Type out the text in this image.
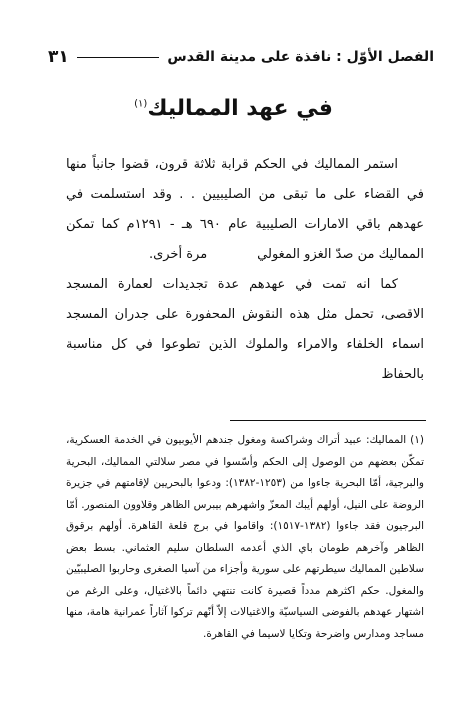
الفصل الأوّل : نافذة على مدينة القدس
٣١
في عهد المماليك$^{(١)}$

استمر المماليك في الحكم قرابة ثلاثة قرون، قضوا جانباً منها في القضاء على ما تبقى من الصليبيين . . وقد استسلمت في عهدهم باقي الامارات الصليبية عام ٦٩٠ هـ - ١٢٩١م كما تمكن المماليك من صدّ الغزو المغوليمرة أخرى.

كما انه تمت في عهدهم عدة تجديدات لعمارة المسجد الاقصى، تحمل مثل هذه النقوش المحفورة على جدران المسجد اسماء الخلفاء والامراء والملوك الذين تطوعوا في كل مناسبة بالحفاظ

(١) المماليك: عبيد أتراك وشراكسة ومغول جندهم الأيوبيون في الخدمة العسكرية، تمكّن بعضهم من الوصول إلى الحكم وأسّسوا في مصر سلالتي المماليك، البحرية والبرجية، أمّا البحرية جاءوا من (١٢٥٣-١٣٨٢): ودعوا بالبحريين لإقامتهم في جزيرة الروضة على النيل، أولهم أيبك المعزّ واشهرهم بيبرس الظاهر وقلاوون المنصور. أمّا البرجيون فقد جاءوا (١٣٨٢-١٥١٧): واقاموا في برج قلعة القاهرة. أولهم برقوق الظاهر وآخرهم طومان باي الذي أعدمه السلطان سليم العثماني. بسط بعض سلاطين المماليك سيطرتهم على سورية وأجزاء من آسيا الصغرى وحاربوا الصليبيّين والمغول. حكم اكثرهم مدداً قصيرة كانت تنتهي دائماً بالاغتيال، وعلى الرغم من اشتهار عهدهم بالفوضى السياسيّة والاغتيالات إلاّ أنّهم تركوا آثاراً عمرانية هامة، منها مساجد ومدارس واضرحة وتكايا لاسيما في القاهرة.
